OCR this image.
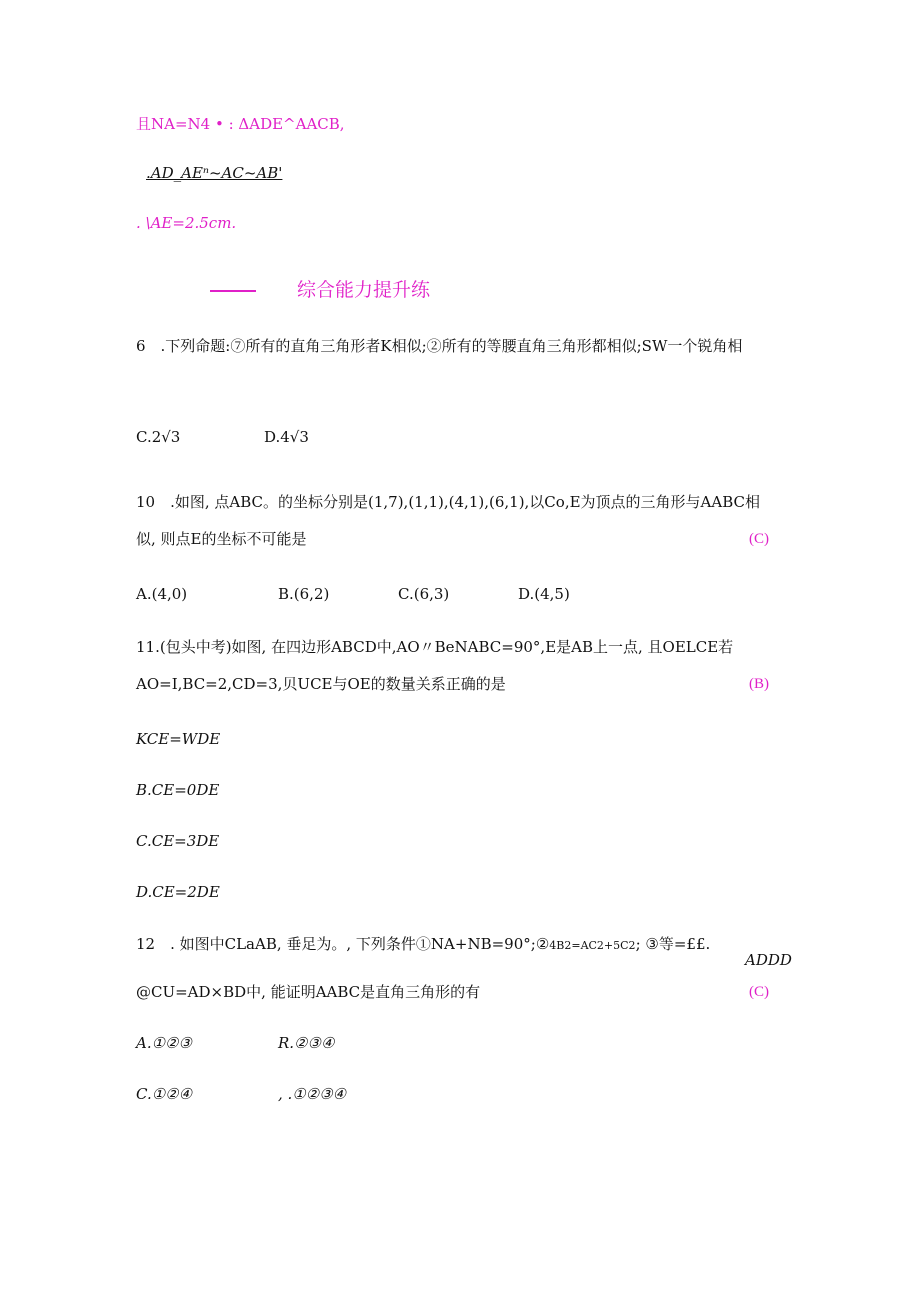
且NA=N4 • : ΔADE^AACB,
.AD_AEⁿ~AC~AB'
. \AE=2.5cm.
综合能力提升练
6　.下列命题:⑦所有的直角三角形者K相似;②所有的等腰直角三角形都相似;SW一个锐角相
C.2√3	D.4√3
10　.如图, 点ABC。的坐标分别是(1,7),(1,1),(4,1),(6,1),以Co,E为顶点的三角形与AABC相
似, 则点E的坐标不可能是	(C)
A.(4,0)	B.(6,2)	C.(6,3)	D.(4,5)
11.(包头中考)如图, 在四边形ABCD中,AO〃BeNABC=90°,E是AB上一点, 且OELCE若
AO=I,BC=2,CD=3,贝UCE与OE的数量关系正确的是	(B)
KCE=WDE
B.CE=0DE
C.CE=3DE
D.CE=2DE
12　. 如图中CLaAB, 垂足为。, 下列条件①NA+NB=90°;②4B2=AC2+5C2; ③等=££.
ADDD
@CU=AD×BD中, 能证明AABC是直角三角形的有	(C)
A.①②③	R.②③④
C.①②④	, .①②③④
